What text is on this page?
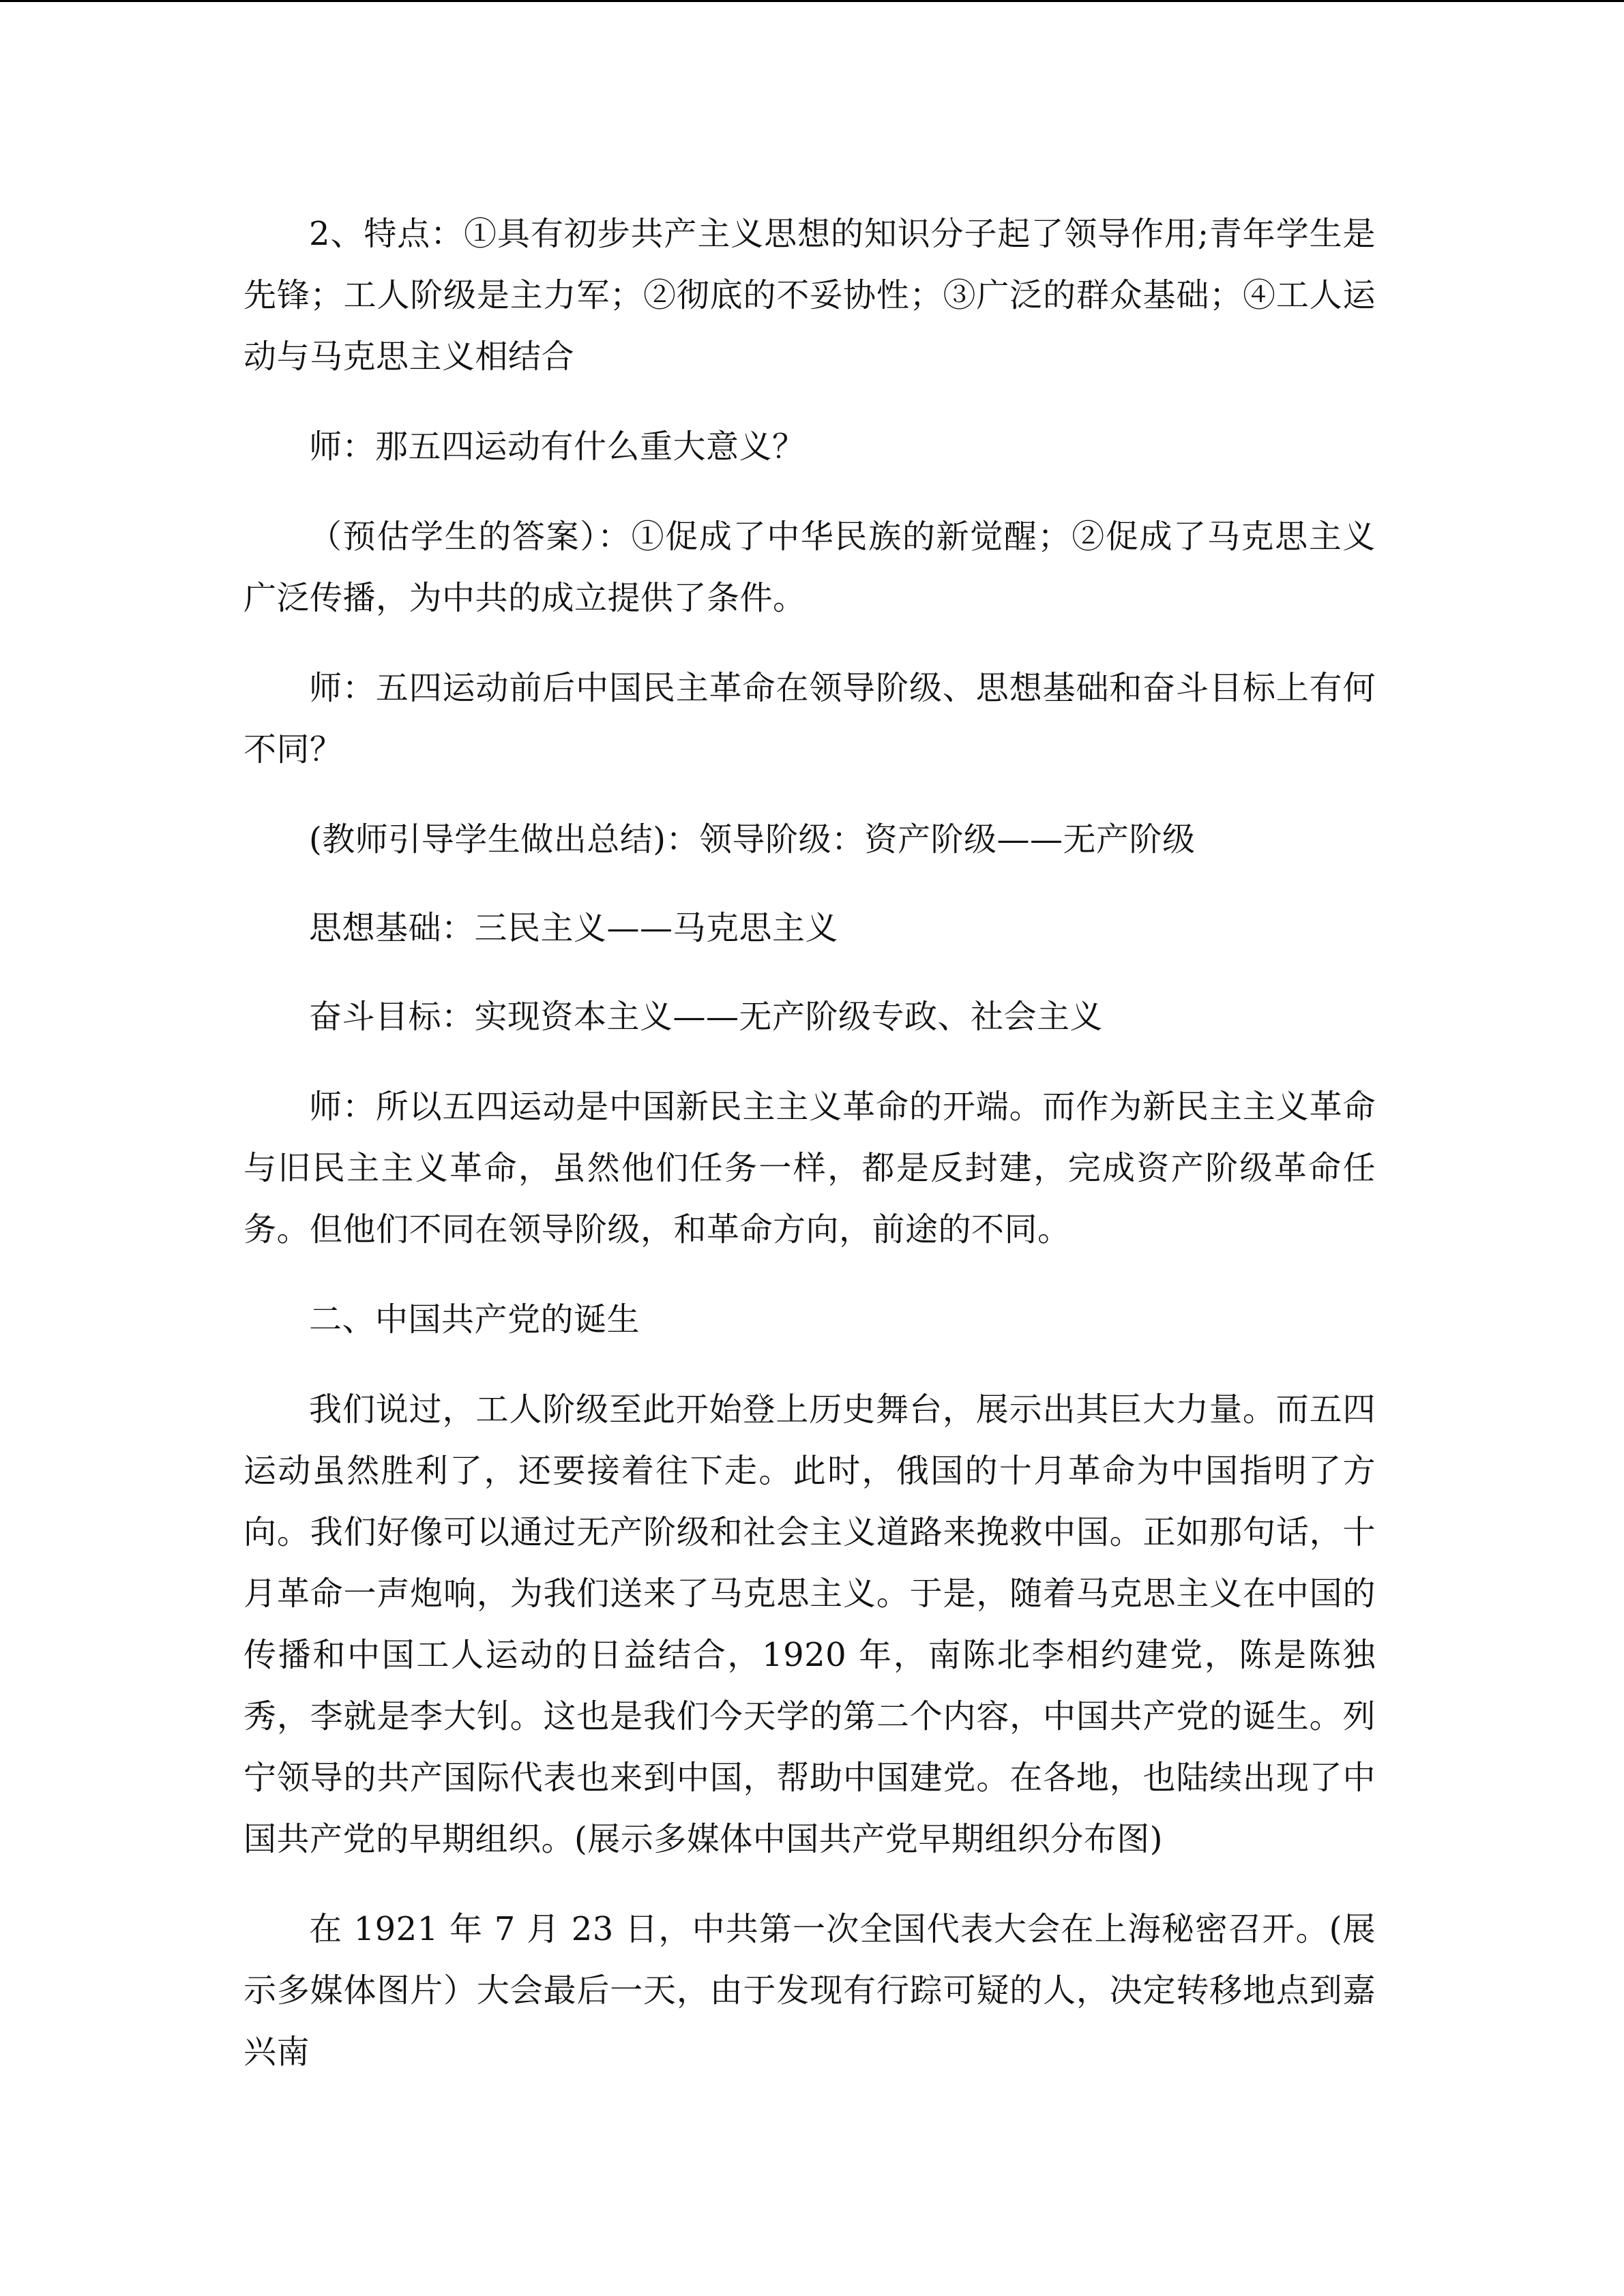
2、特点：①具有初步共产主义思想的知识分子起了领导作用;青年学生是先锋；工人阶级是主力军；②彻底的不妥协性；③广泛的群众基础；④工人运动与马克思主义相结合

师：那五四运动有什么重大意义？

（预估学生的答案）：①促成了中华民族的新觉醒；②促成了马克思主义广泛传播，为中共的成立提供了条件。

师：五四运动前后中国民主革命在领导阶级、思想基础和奋斗目标上有何不同？

(教师引导学生做出总结)：领导阶级：资产阶级——无产阶级

思想基础：三民主义——马克思主义

奋斗目标：实现资本主义——无产阶级专政、社会主义

师：所以五四运动是中国新民主主义革命的开端。而作为新民主主义革命与旧民主主义革命，虽然他们任务一样，都是反封建，完成资产阶级革命任务。但他们不同在领导阶级，和革命方向，前途的不同。

二、中国共产党的诞生

我们说过，工人阶级至此开始登上历史舞台，展示出其巨大力量。而五四运动虽然胜利了，还要接着往下走。此时，俄国的十月革命为中国指明了方向。我们好像可以通过无产阶级和社会主义道路来挽救中国。正如那句话，十月革命一声炮响，为我们送来了马克思主义。于是，随着马克思主义在中国的传播和中国工人运动的日益结合，1920 年，南陈北李相约建党，陈是陈独秀，李就是李大钊。这也是我们今天学的第二个内容，中国共产党的诞生。列宁领导的共产国际代表也来到中国，帮助中国建党。在各地，也陆续出现了中国共产党的早期组织。(展示多媒体中国共产党早期组织分布图)

在 1921 年 7 月 23 日，中共第一次全国代表大会在上海秘密召开。(展示多媒体图片）大会最后一天，由于发现有行踪可疑的人，决定转移地点到嘉兴南
